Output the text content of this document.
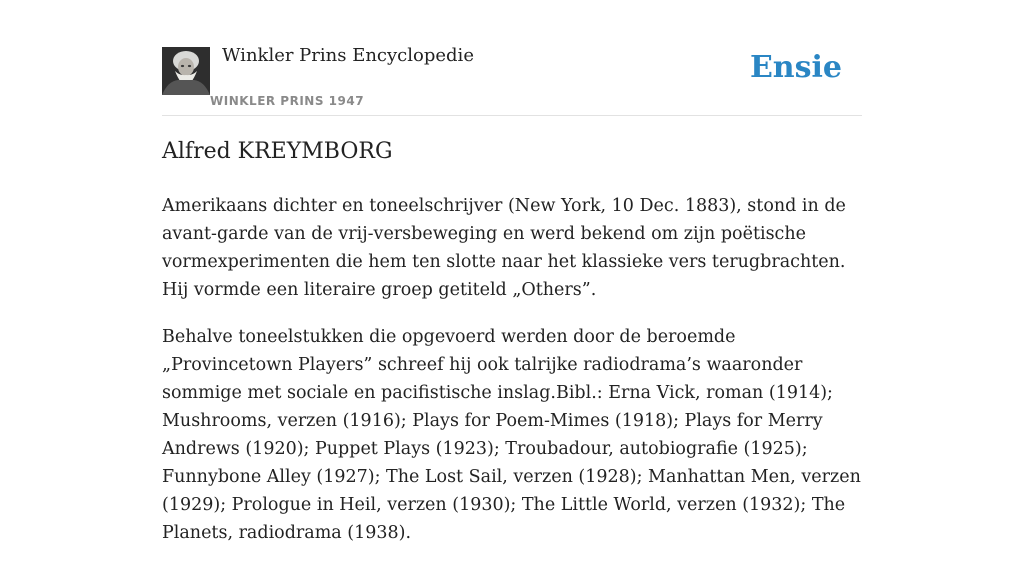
Winkler Prins Encyclopedie
WINKLER PRINS 1947
Ensie
Alfred KREYMBORG

Amerikaans dichter en toneelschrijver (New York, 10 Dec. 1883), stond in de avant-garde van de vrij-versbeweging en werd bekend om zijn poëtische vormexperimenten die hem ten slotte naar het klassieke vers terugbrachten. Hij vormde een literaire groep getiteld „Others”.

Behalve toneelstukken die opgevoerd werden door de beroemde „Provincetown Players” schreef hij ook talrijke radiodrama’s waaronder sommige met sociale en pacifistische inslag.Bibl.: Erna Vick, roman (1914); Mushrooms, verzen (1916); Plays for Poem-Mimes (1918); Plays for Merry Andrews (1920); Puppet Plays (1923); Troubadour, autobiografie (1925); Funnybone Alley (1927); The Lost Sail, verzen (1928); Manhattan Men, verzen (1929); Prologue in Heil, verzen (1930); The Little World, verzen (1932); The Planets, radiodrama (1938).
